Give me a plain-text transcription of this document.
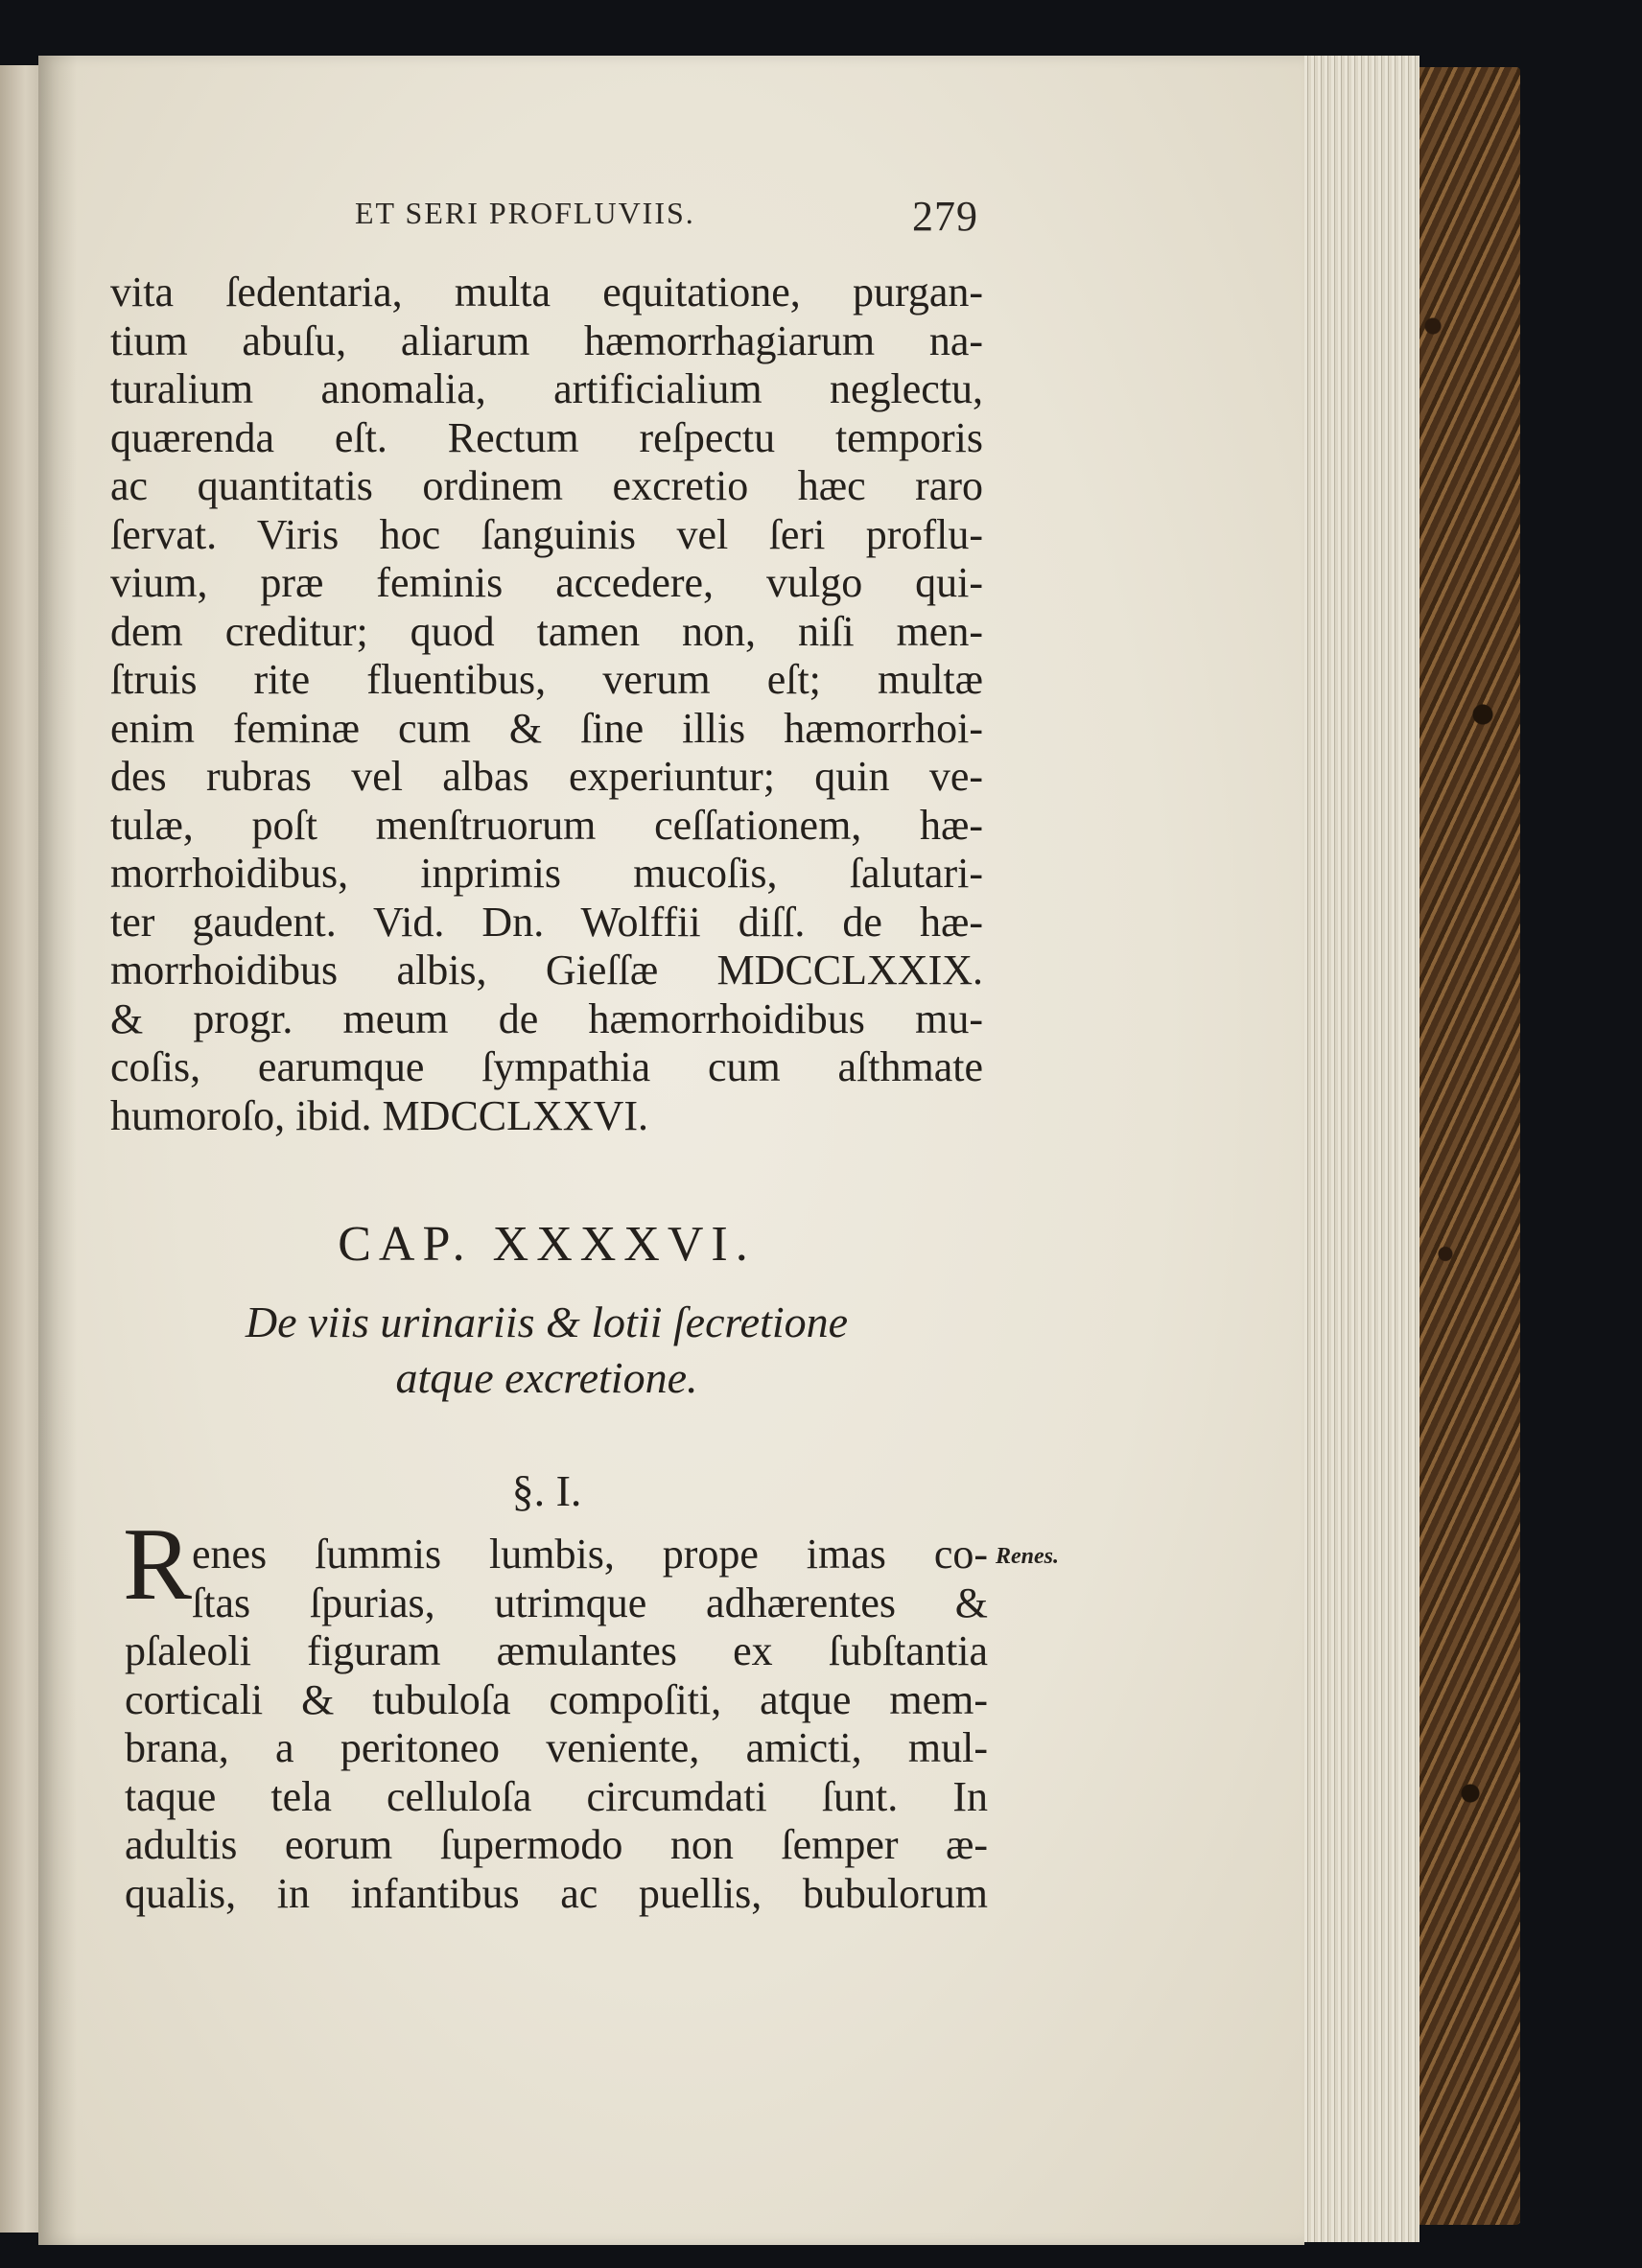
ET SERI PROFLUVIIS.	279
vita ſedentaria, multa equitatione, purgan-
tium abuſu, aliarum hæmorrhagiarum na-
turalium anomalia, artificialium neglectu,
quærenda eſt. Rectum reſpectu temporis
ac quantitatis ordinem excretio hæc raro
ſervat. Viris hoc ſanguinis vel ſeri proflu-
vium, præ feminis accedere, vulgo qui-
dem creditur; quod tamen non, niſi men-
ſtruis rite fluentibus, verum eſt; multæ
enim feminæ cum & ſine illis hæmorrhoi-
des rubras vel albas experiuntur; quin ve-
tulæ, poſt menſtruorum ceſſationem, hæ-
morrhoidibus, inprimis mucoſis, ſalutari-
ter gaudent. Vid. Dn. Wolffii diſſ. de hæ-
morrhoidibus albis, Gieſſæ MDCCLXXIX.
& progr. meum de hæmorrhoidibus mu-
coſis, earumque ſympathia cum aſthmate
humoroſo, ibid. MDCCLXXVI.
CAP. XXXXVI.
De viis urinariis & lotii ſecretione
atque excretione.
§. I.
R enes ſummis lumbis, prope imas co-
ſtas ſpurias, utrimque adhærentes &
pſaleoli figuram æmulantes ex ſubſtantia
corticali & tubuloſa compoſiti, atque mem-
brana, a peritoneo veniente, amicti, mul-
taque tela celluloſa circumdati ſunt. In
adultis eorum ſupermodo non ſemper æ-
qualis, in infantibus ac puellis, bubulorum
Renes.
